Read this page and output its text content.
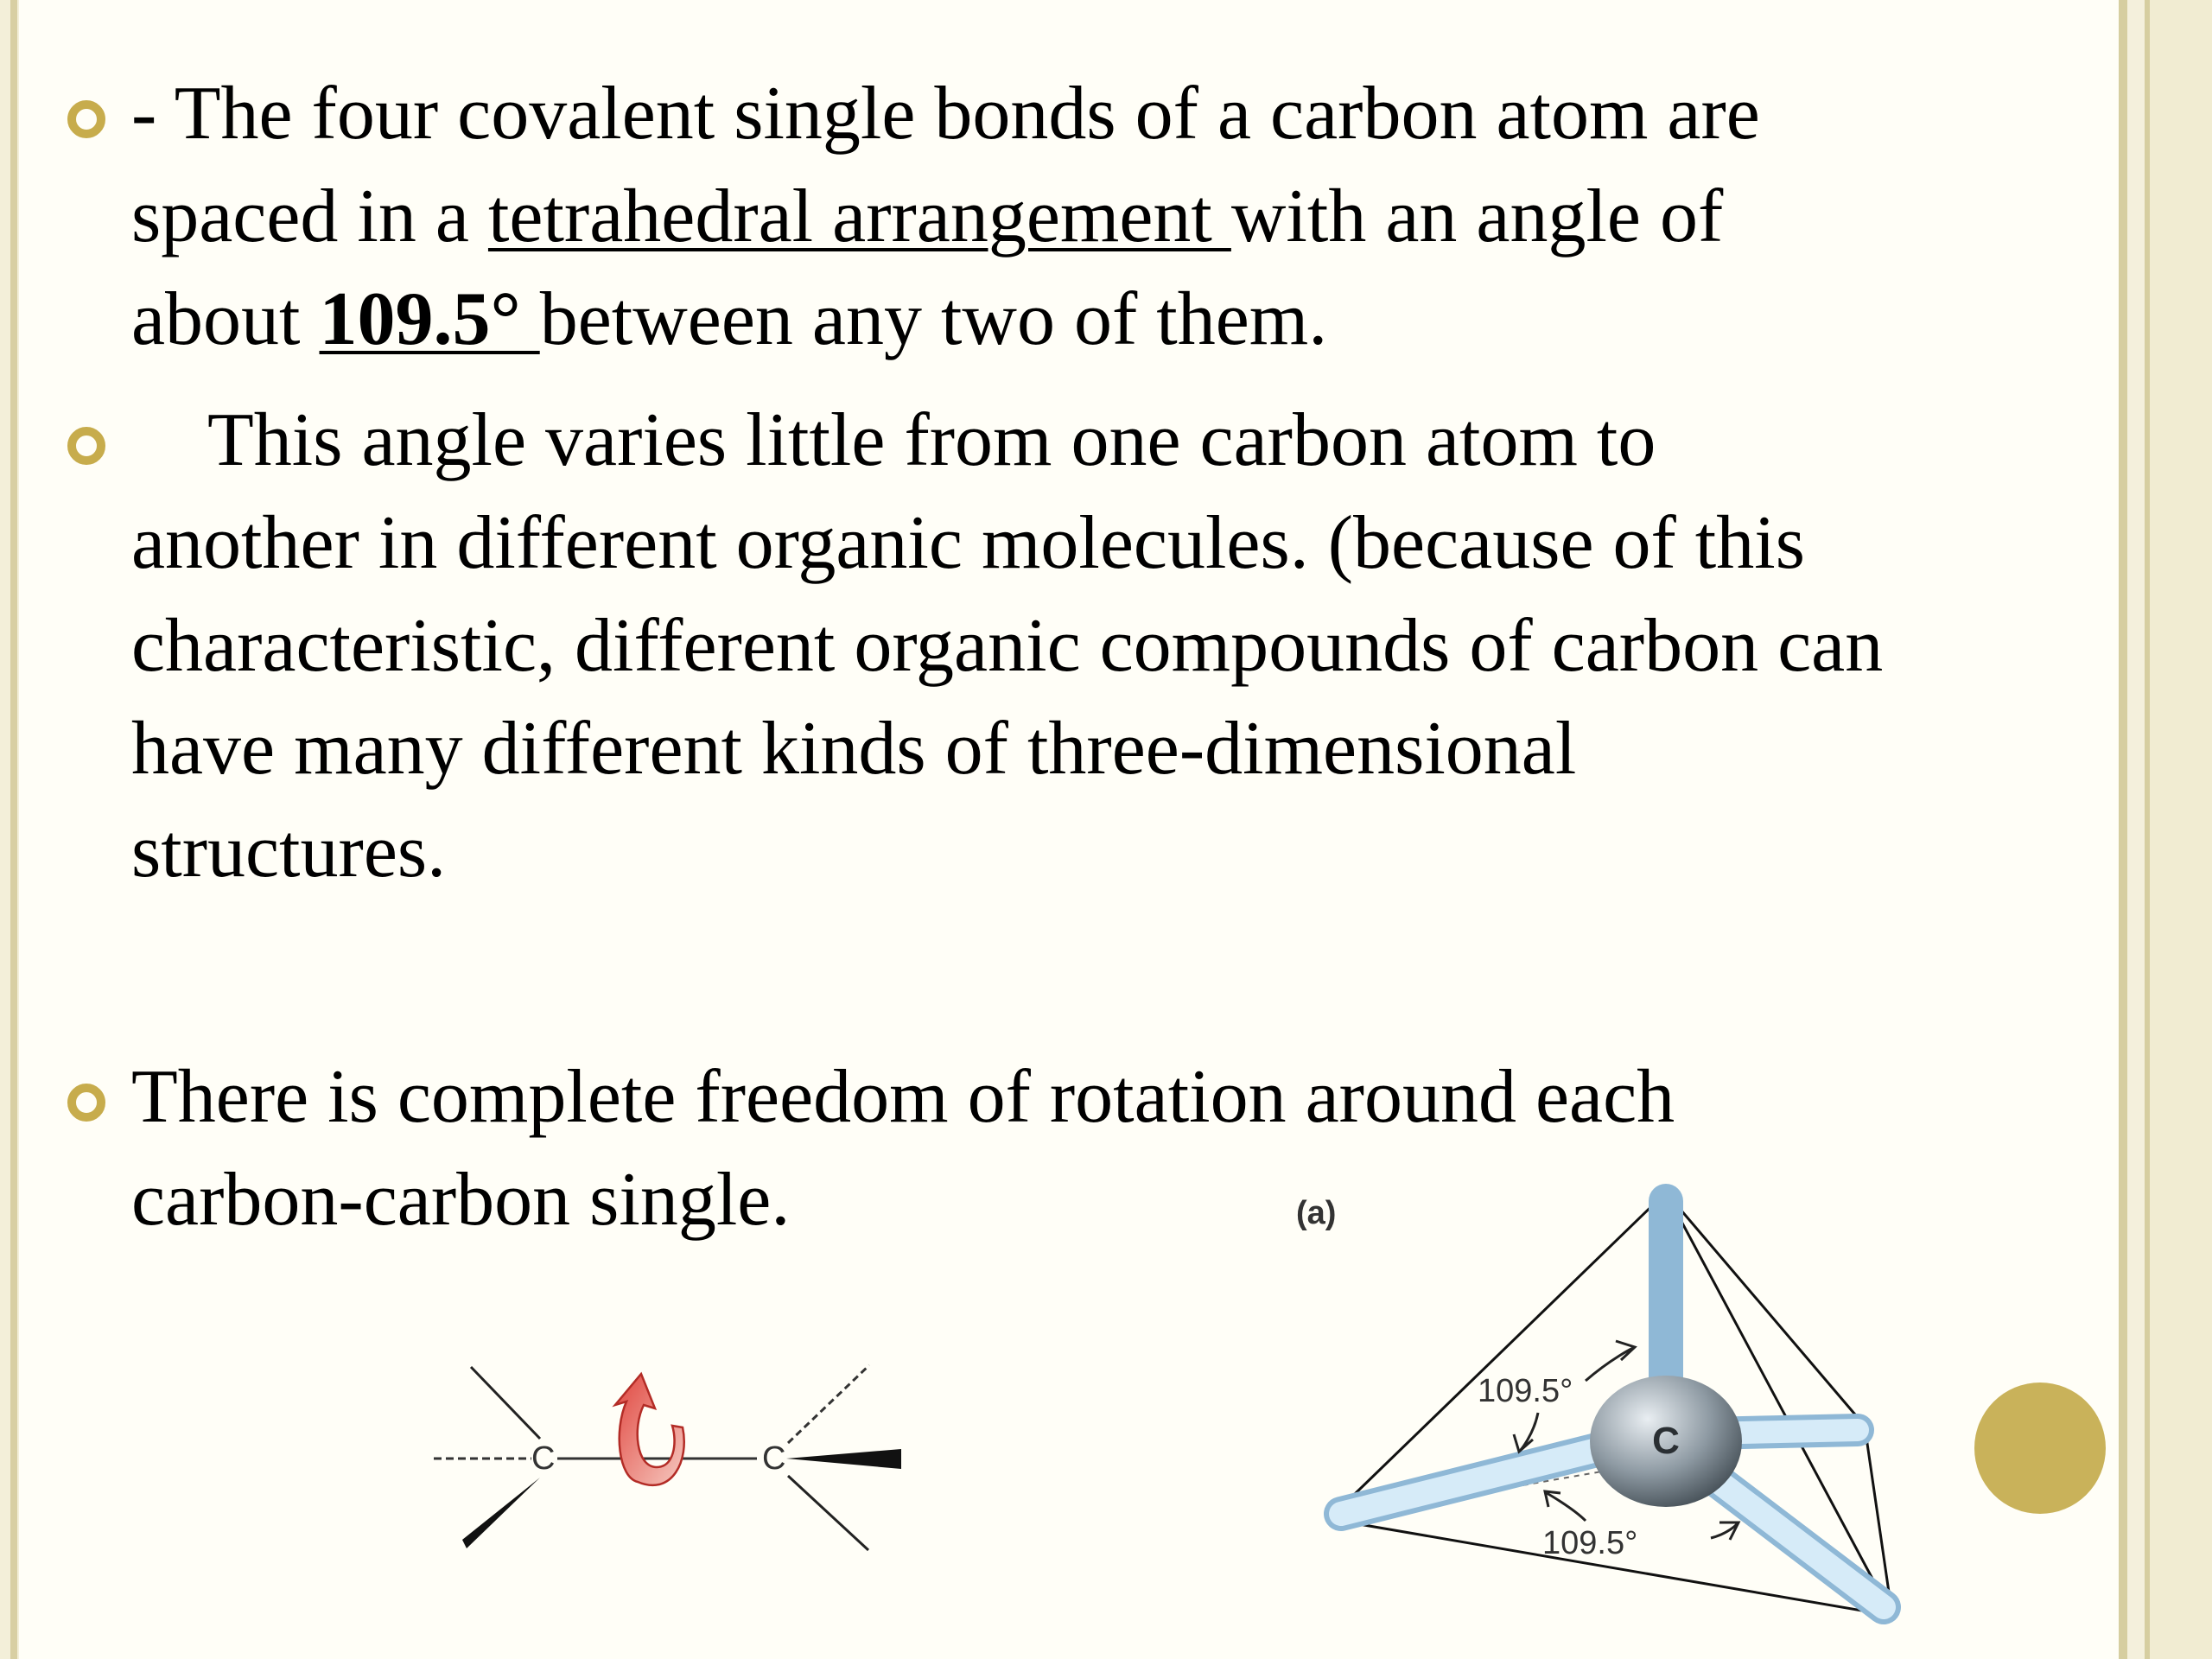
- The four covalent single bonds of a carbon atom are
spaced in a tetrahedral arrangement with an angle of
about 109.5° between any two of them.
This angle varies little from one carbon atom to
another in different organic molecules. (because of this
characteristic, different organic compounds of carbon can
have many different kinds of three-dimensional
structures.
There is complete freedom of rotation around each
carbon-carbon single.
C	C
(a)
C
109.5°
109.5°
